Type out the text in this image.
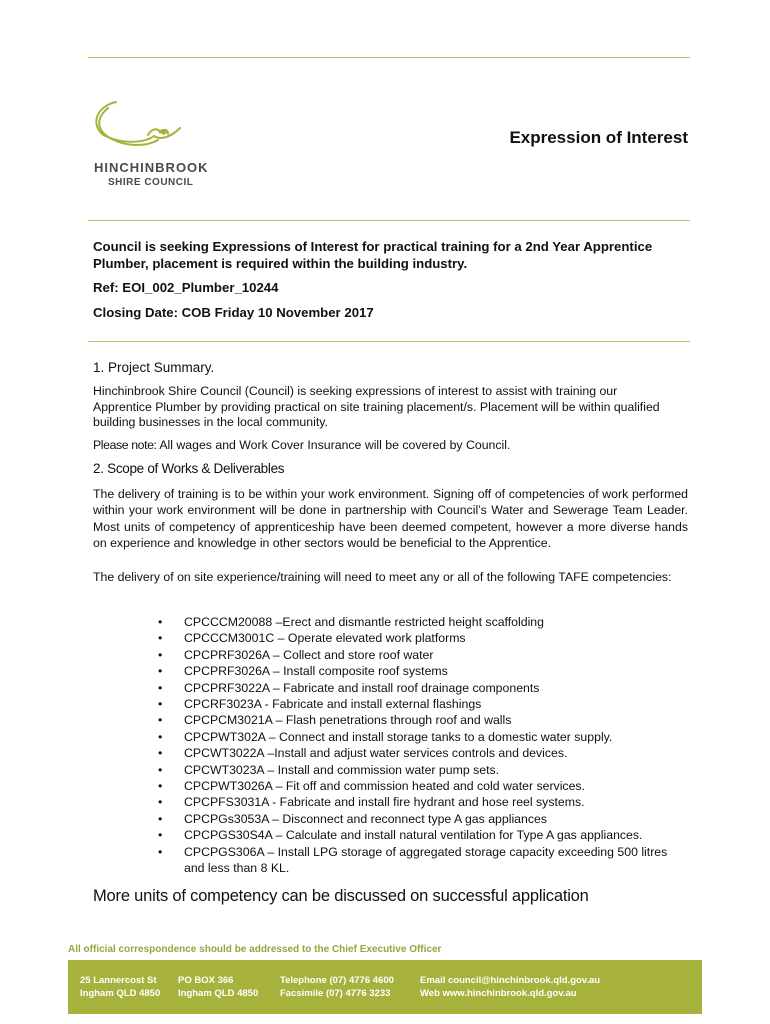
HINCHINBROOK
SHIRE COUNCIL
Expression of Interest
Council is seeking Expressions of Interest for practical training for a 2nd Year Apprentice Plumber, placement is required within the building industry.
Ref: EOI_002_Plumber_10244
Closing Date: COB Friday 10 November 2017
1. Project Summary.
Hinchinbrook Shire Council (Council) is seeking expressions of interest to assist with training our Apprentice Plumber by providing practical on site training placement/s. Placement will be within qualified building businesses in the local community.
Please note: All wages and Work Cover Insurance will be covered by Council.
2. Scope of Works & Deliverables
The delivery of training is to be within your work environment. Signing off of competencies of work performed within your work environment will be done in partnership with Council’s Water and Sewerage Team Leader. Most units of competency of apprenticeship have been deemed competent, however a more diverse hands on experience and knowledge in other sectors would be beneficial to the Apprentice.
The delivery of on site experience/training will need to meet any or all of the following TAFE competencies:
• CPCCCM20088 –Erect and dismantle restricted height scaffolding
• CPCCCM3001C – Operate elevated work platforms
• CPCPRF3026A – Collect and store roof water
• CPCPRF3026A – Install composite roof systems
• CPCPRF3022A – Fabricate and install roof drainage components
• CPCRF3023A - Fabricate and install external flashings
• CPCPCM3021A – Flash penetrations through roof and walls
• CPCPWT302A – Connect and install storage tanks to a domestic water supply.
• CPCWT3022A –Install and adjust water services controls and devices.
• CPCWT3023A – Install and commission water pump sets.
• CPCPWT3026A – Fit off and commission heated and cold water services.
• CPCPFS3031A - Fabricate and install fire hydrant and hose reel systems.
• CPCPGs3053A – Disconnect and reconnect type A gas appliances
• CPCPGS30S4A – Calculate and install natural ventilation for Type A gas appliances.
• CPCPGS306A – Install LPG storage of aggregated storage capacity exceeding 500 litres and less than 8 KL.
More units of competency can be discussed on successful application
All official correspondence should be addressed to the Chief Executive Officer
25 Lannercost St
Ingham QLD 4850
PO BOX 366
Ingham QLD 4850
Telephone (07) 4776 4600
Facsimile (07) 4776 3233
Email council@hinchinbrook.qld.gov.au
Web www.hinchinbrook.qld.gov.au
